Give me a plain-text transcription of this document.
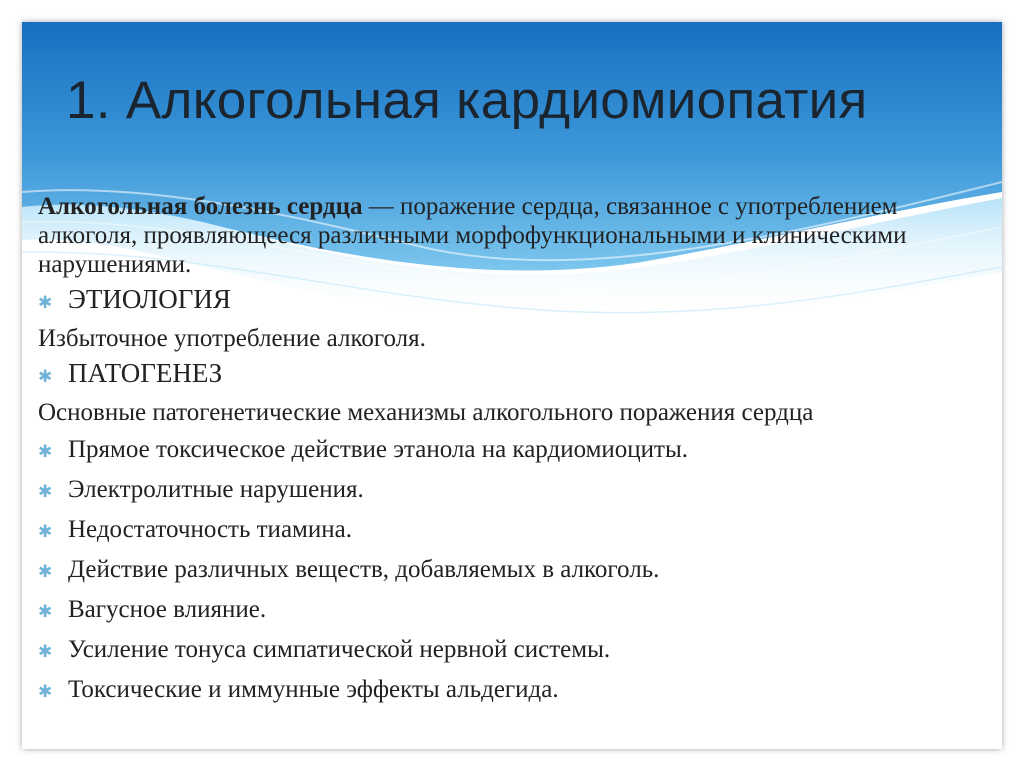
1. Алкогольная кардиомиопатия

Алкогольная болезнь сердца — поражение сердца, связанное с употреблением алкоголя, проявляющееся различными морфофункциональными и клиническими нарушениями.

✱ ЭТИОЛОГИЯ

Избыточное употребление алкоголя.

✱ ПАТОГЕНЕЗ

Основные патогенетические механизмы алкогольного поражения сердца

✱ Прямое токсическое действие этанола на кардиомиоциты.
✱ Электролитные нарушения.
✱ Недостаточность тиамина.
✱ Действие различных веществ, добавляемых в алкоголь.
✱ Вагусное влияние.
✱ Усиление тонуса симпатической нервной системы.
✱ Токсические и иммунные эффекты альдегида.
